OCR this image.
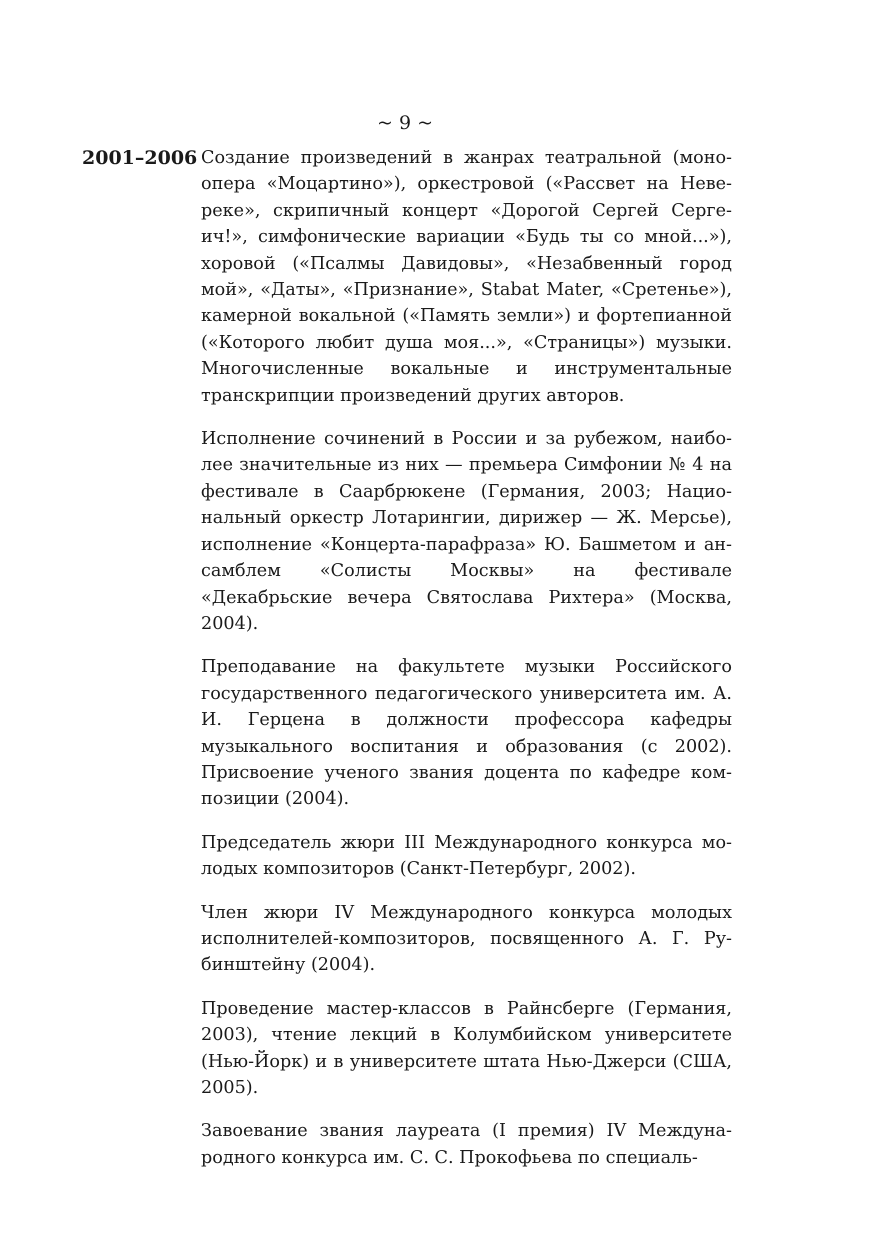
~ 9 ~
2001–2006 Создание произведений в жанрах театральной (моноопера «Моцартино»), оркестровой («Рассвет на Невереке», скрипичный концерт «Дорогой Сергей Сергеич!», симфонические вариации «Будь ты со мной...»), хоровой («Псалмы Давидовы», «Незабвенный город мой», «Даты», «Признание», Stabat Mater, «Сретенье»), камерной вокальной («Память земли») и фортепианной («Которого любит душа моя...», «Страницы») музыки. Многочисленные вокальные и инструментальные транскрипции произведений других авторов.

Исполнение сочинений в России и за рубежом, наиболее значительные из них — премьера Симфонии № 4 на фестивале в Саарбрюкене (Германия, 2003; Национальный оркестр Лотарингии, дирижер — Ж. Мерсье), исполнение «Концерта-парафраза» Ю. Башметом и ансамблем «Солисты Москвы» на фестивале «Декабрьские вечера Святослава Рихтера» (Москва, 2004).

Преподавание на факультете музыки Российского государственного педагогического университета им. А. И. Герцена в должности профессора кафедры музыкального воспитания и образования (с 2002). Присвоение ученого звания доцента по кафедре композиции (2004).

Председатель жюри III Международного конкурса молодых композиторов (Санкт-Петербург, 2002).

Член жюри IV Международного конкурса молодых исполнителей-композиторов, посвященного А. Г. Рубинштейну (2004).

Проведение мастер-классов в Райнсберге (Германия, 2003), чтение лекций в Колумбийском университете (Нью-Йорк) и в университете штата Нью-Джерси (США, 2005).

Завоевание звания лауреата (I премия) IV Международного конкурса им. С. С. Прокофьева по специаль-
